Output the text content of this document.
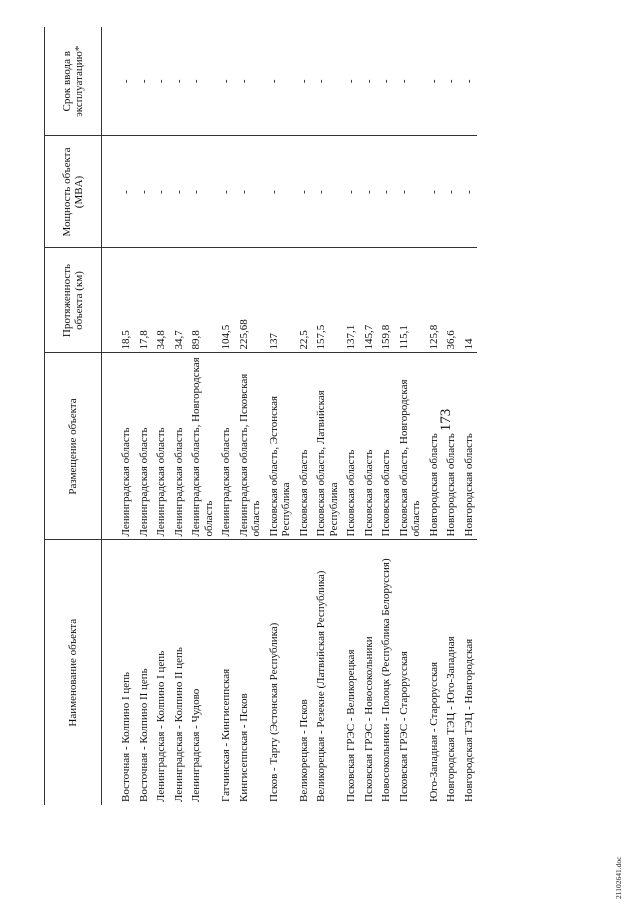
173
Наименование объекта	Размещение объекта	Протяженность объекта (км)	Мощность объекта (MBA)	Срок ввода в эксплуатацию*

Восточная - Колпино I цепь	Ленинградская область	18,5	-	-
Восточная - Колпино II цепь	Ленинградская область	17,8	-	-
Ленинградская - Колпино I цепь	Ленинградская область	34,8	-	-
Ленинградская - Колпино II цепь	Ленинградская область	34,7	-	-
Ленинградская - Чудово	Ленинградская область, Новгородская область	89,8	-	-
Гатчинская - Кингисеппская	Ленинградская область	104,5	-	-
Кингисеппская - Псков	Ленинградская область, Псковская область	225,68	-	-
Псков - Тарту (Эстонская Республика)	Псковская область, Эстонская Республика	137	-	-
Великорецкая - Псков	Псковская область	22,5	-	-
Великорецкая - Резекне (Латвийская Республика)	Псковская область, Латвийская Республика	157,5	-	-
Псковская ГРЭС - Великорецкая	Псковская область	137,1	-	-
Псковская ГРЭС - Новосокольники	Псковская область	145,7	-	-
Новосокольники - Полоцк (Республика Белоруссия)	Псковская область	159,8	-	-
Псковская ГРЭС - Старорусская	Псковская область, Новгородская область	115,1	-	-
Юго-Западная - Старорусская	Новгородская область	125,8	-	-
Новгородская ТЭЦ - Юго-Западная	Новгородская область	36,6	-	-
Новгородская ТЭЦ - Новгородская	Новгородская область	14	-	-
21102641.doc
